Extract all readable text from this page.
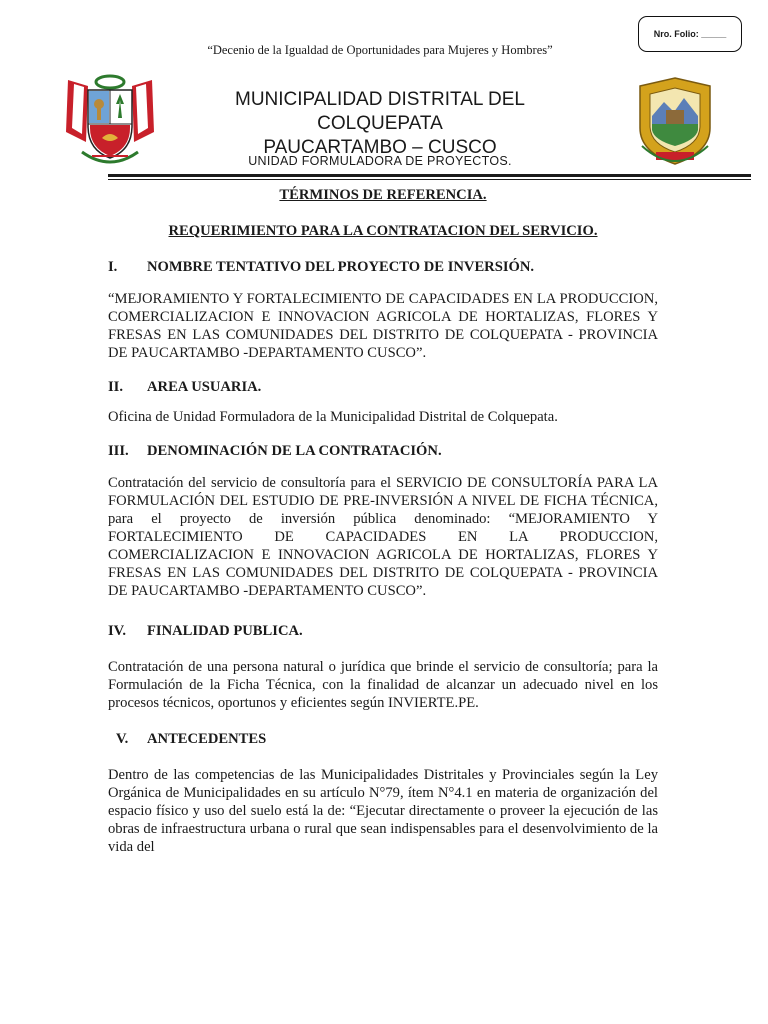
Nro. Folio: _____
“Decenio de la Igualdad de Oportunidades para Mujeres y Hombres”
MUNICIPALIDAD DISTRITAL DEL COLQUEPATA
PAUCARTAMBO – CUSCO
UNIDAD FORMULADORA DE PROYECTOS.

TÉRMINOS DE REFERENCIA.

REQUERIMIENTO PARA LA CONTRATACION DEL SERVICIO.

I.	NOMBRE TENTATIVO DEL PROYECTO DE INVERSIÓN.
“MEJORAMIENTO Y FORTALECIMIENTO DE CAPACIDADES EN LA PRODUCCION, COMERCIALIZACION E INNOVACION AGRICOLA DE HORTALIZAS, FLORES Y FRESAS EN LAS COMUNIDADES DEL DISTRITO DE COLQUEPATA - PROVINCIA DE PAUCARTAMBO -DEPARTAMENTO CUSCO”.
II.	AREA USUARIA.
Oficina de Unidad Formuladora de la Municipalidad Distrital de Colquepata.
III.	DENOMINACIÓN DE LA CONTRATACIÓN.
Contratación del servicio de consultoría para el SERVICIO DE CONSULTORÍA PARA LA FORMULACIÓN DEL ESTUDIO DE PRE-INVERSIÓN A NIVEL DE FICHA TÉCNICA, para el proyecto de inversión pública denominado: “MEJORAMIENTO Y FORTALECIMIENTO DE CAPACIDADES EN LA PRODUCCION, COMERCIALIZACION E INNOVACION AGRICOLA DE HORTALIZAS, FLORES Y FRESAS EN LAS COMUNIDADES DEL DISTRITO DE COLQUEPATA - PROVINCIA DE PAUCARTAMBO -DEPARTAMENTO CUSCO”.
IV.	FINALIDAD PUBLICA.
Contratación de una persona natural o jurídica que brinde el servicio de consultoría; para la Formulación de la Ficha Técnica, con la finalidad de alcanzar un adecuado nivel en los procesos técnicos, oportunos y eficientes según INVIERTE.PE.
V.	ANTECEDENTES
Dentro de las competencias de las Municipalidades Distritales y Provinciales según la Ley Orgánica de Municipalidades en su artículo N°79, ítem N°4.1 en materia de organización del espacio físico y uso del suelo está la de: “Ejecutar directamente o proveer la ejecución de las obras de infraestructura urbana o rural que sean indispensables para el desenvolvimiento de la vida del
